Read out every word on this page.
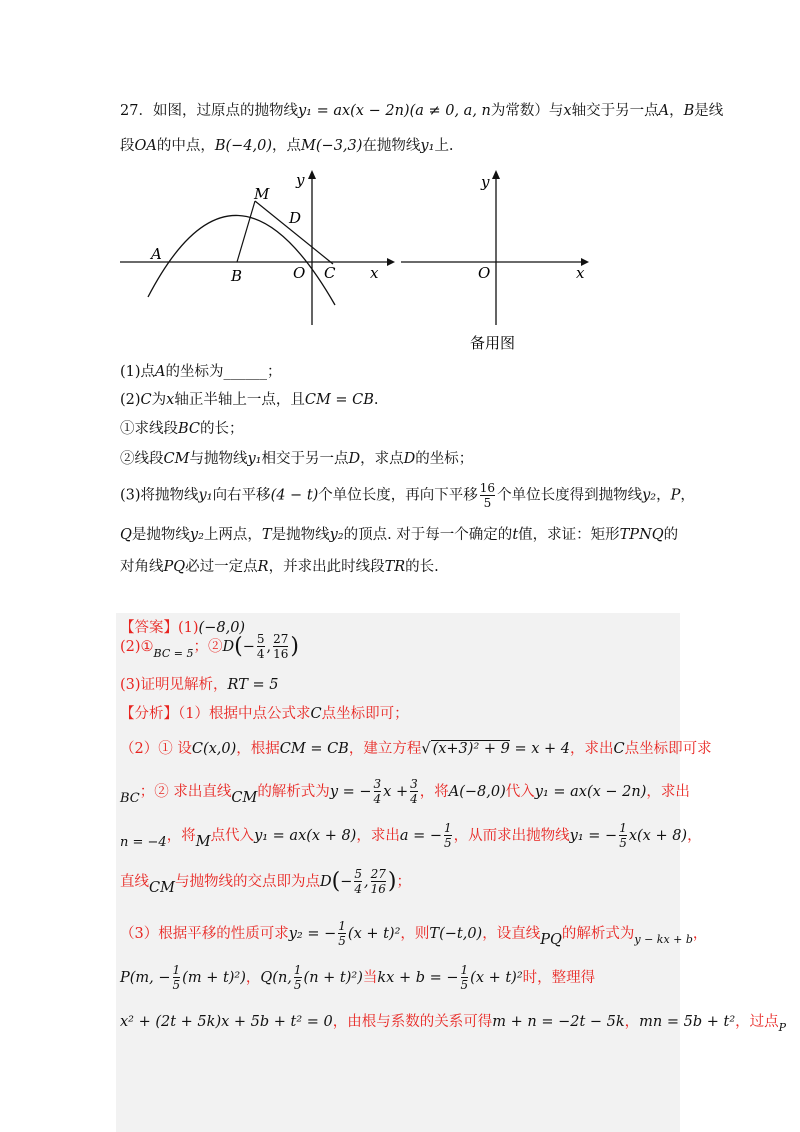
27．如图，过原点的抛物线y₁ = ax(x − 2n)(a ≠ 0, a, n为常数）与x轴交于另一点A，B是线
段OA的中点，B(−4,0)，点M(−3,3)在抛物线y₁上.
A
B
M
D
O C x
y
O	x
y
备用图
(1)点A的坐标为______；
(2)C为x轴正半轴上一点，且CM = CB.
①求线段BC的长；
②线段CM与抛物线y₁相交于另一点D，求点D的坐标；
(3)将抛物线y₁向右平移(4 − t)个单位长度，再向下平移 $\frac{16}{5}$ 个单位长度得到抛物线y₂，P，
Q是抛物线y₂上两点，T是抛物线y₂的顶点. 对于每一个确定的t值，求证：矩形TPNQ的
对角线PQ必过一定点R，并求出此时线段TR的长.
【答案】(1)(−8,0)
$(2)①_{BC = 5}$；②D(− $\frac{5}{4}$ , $\frac{27}{16}$ )
(3)证明见解析，RT = 5
【分析】（1）根据中点公式求C点坐标即可；
（2）① 设C(x,0)，根据CM = CB，建立方程√ (x+3)² + 9 = x + 4，求出C点坐标即可求
BC；② 求出直线CM的解析式为y = − $\frac{3}{4}$ $x + \frac{3}{4}$ ，将A(−8,0)代入y₁ = ax(x − 2n)，求出
n = −4，将M点代入y₁ = ax(x + 8)，求出a = − $\frac{1}{5}$ ，从而求出抛物线y₁ = − $\frac{1}{5} x(x + 8)$，
直线CM与抛物线的交点即为点$D(- \frac{5}{4}$ , $\frac{27}{16}$ )；
（3）根据平移的性质可求y₂ = − $\frac{1}{5} (x + t)^2$，则T(−t,0)，设直线PQ的解析式为$_{y - kx + b}$，
P(m, − $\frac{1}{5} (m + t)^2$)，Q(n, $\frac{1}{5} (n + t)^2$)当kx + b = − $\frac{1}{5} (x + t)^2$时，整理得
x² + (2t + 5k)x + 5b + t² = 0，由根与系数的关系可得m + n = −2t − 5k，mn = 5b + t²，过点$_P$
